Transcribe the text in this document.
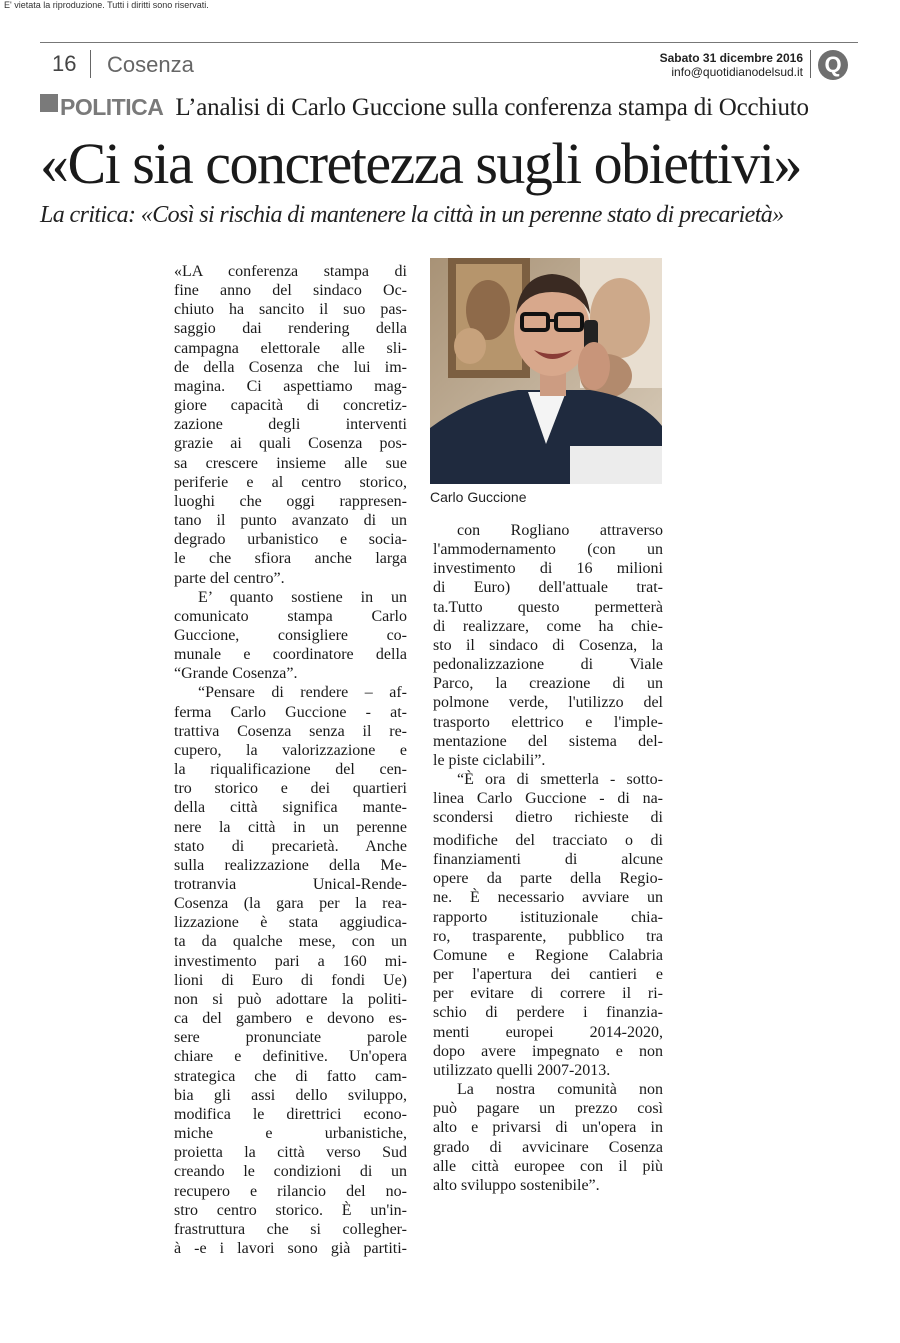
E' vietata la riproduzione. Tutti i diritti sono riservati.
16 Cosenza	Sabato 31 dicembre 2016
info@quotidianodelsud.it Q
POLITICA L’analisi di Carlo Guccione sulla conferenza stampa di Occhiuto
«Ci sia concretezza sugli obiettivi»
La critica: «Così si rischia di mantenere la città in un perenne stato di precarietà»

«LA conferenza stampa di

fine anno del sindaco Oc-

chiuto ha sancito il suo pas-

saggio dai rendering della

campagna elettorale alle sli-

de della Cosenza che lui im-

magina. Ci aspettiamo mag-

giore capacità di concretiz-

zazione degli interventi

grazie ai quali Cosenza pos-

sa crescere insieme alle sue

periferie e al centro storico,

luoghi che oggi rappresen-

tano il punto avanzato di un

degrado urbanistico e socia-

le che sfiora anche larga

parte del centro”.

E’ quanto sostiene in un

comunicato stampa Carlo

Guccione, consigliere co-

munale e coordinatore della

“Grande Cosenza”.

“Pensare di rendere – af-

ferma Carlo Guccione - at-

trattiva Cosenza senza il re-

cupero, la valorizzazione e

la riqualificazione del cen-

tro storico e dei quartieri

della città significa mante-

nere la città in un perenne

stato di precarietà. Anche

sulla realizzazione della Me-

trotranvia Unical-Rende-

Cosenza (la gara per la rea-

lizzazione è stata aggiudica-

ta da qualche mese, con un

investimento pari a 160 mi-

lioni di Euro di fondi Ue)

non si può adottare la politi-

ca del gambero e devono es-

sere pronunciate parole

chiare e definitive. Un'opera

strategica che di fatto cam-

bia gli assi dello sviluppo,

modifica le direttrici econo-

miche e urbanistiche,

proietta la città verso Sud

creando le condizioni di un

recupero e rilancio del no-

stro centro storico. È un'in-

frastruttura che si collegher-

à -e i lavori sono già partiti-

Carlo Guccione

con Rogliano attraverso

l'ammodernamento (con un

investimento di 16 milioni

di Euro) dell'attuale trat-

ta.Tutto questo permetterà

di realizzare, come ha chie-

sto il sindaco di Cosenza, la

pedonalizzazione di Viale

Parco, la creazione di un

polmone verde, l'utilizzo del

trasporto elettrico e l'imple-

mentazione del sistema del-

le piste ciclabili”.

“È ora di smetterla - sotto-

linea Carlo Guccione - di na-

scondersi dietro richieste di

modifiche del tracciato o di

finanziamenti di alcune

opere da parte della Regio-

ne. È necessario avviare un

rapporto istituzionale chia-

ro, trasparente, pubblico tra

Comune e Regione Calabria

per l'apertura dei cantieri e

per evitare di correre il ri-

schio di perdere i finanzia-

menti europei 2014-2020,

dopo avere impegnato e non

utilizzato quelli 2007-2013.

La nostra comunità non

può pagare un prezzo così

alto e privarsi di un'opera in

grado di avvicinare Cosenza

alle città europee con il più

alto sviluppo sostenibile”.
